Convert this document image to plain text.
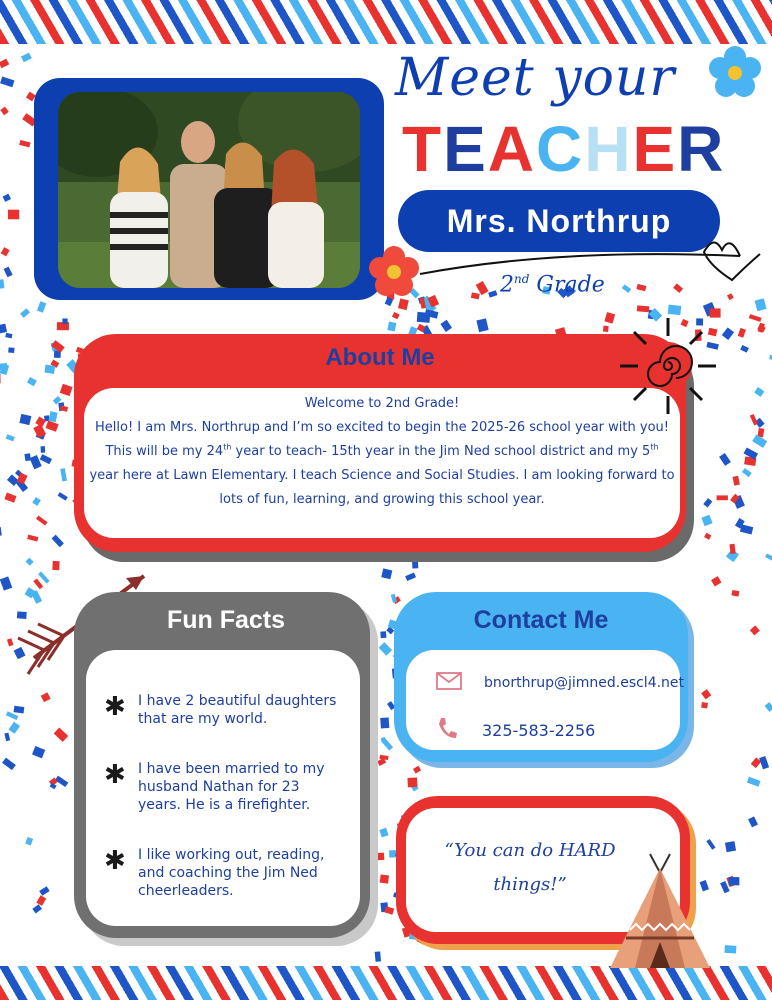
Meet your
TEACHER
Mrs. Northrup
2nd Grade
About Me
Welcome to 2nd Grade!
Hello! I am Mrs. Northrup and I’m so excited to begin the 2025-26 school year with you!
This will be my 24th year to teach- 15th year in the Jim Ned school district and my 5th
year here at Lawn Elementary. I teach Science and Social Studies. I am looking forward to
lots of fun, learning, and growing this school year.
Fun Facts
✱ I have 2 beautiful daughters that are my world.
✱ I have been married to my husband Nathan for 23 years. He is a firefighter.
✱ I like working out, reading, and coaching the Jim Ned cheerleaders.
Contact Me
bnorthrup@jimned.escl4.net
325-583-2256
“You can do HARD
things!”
